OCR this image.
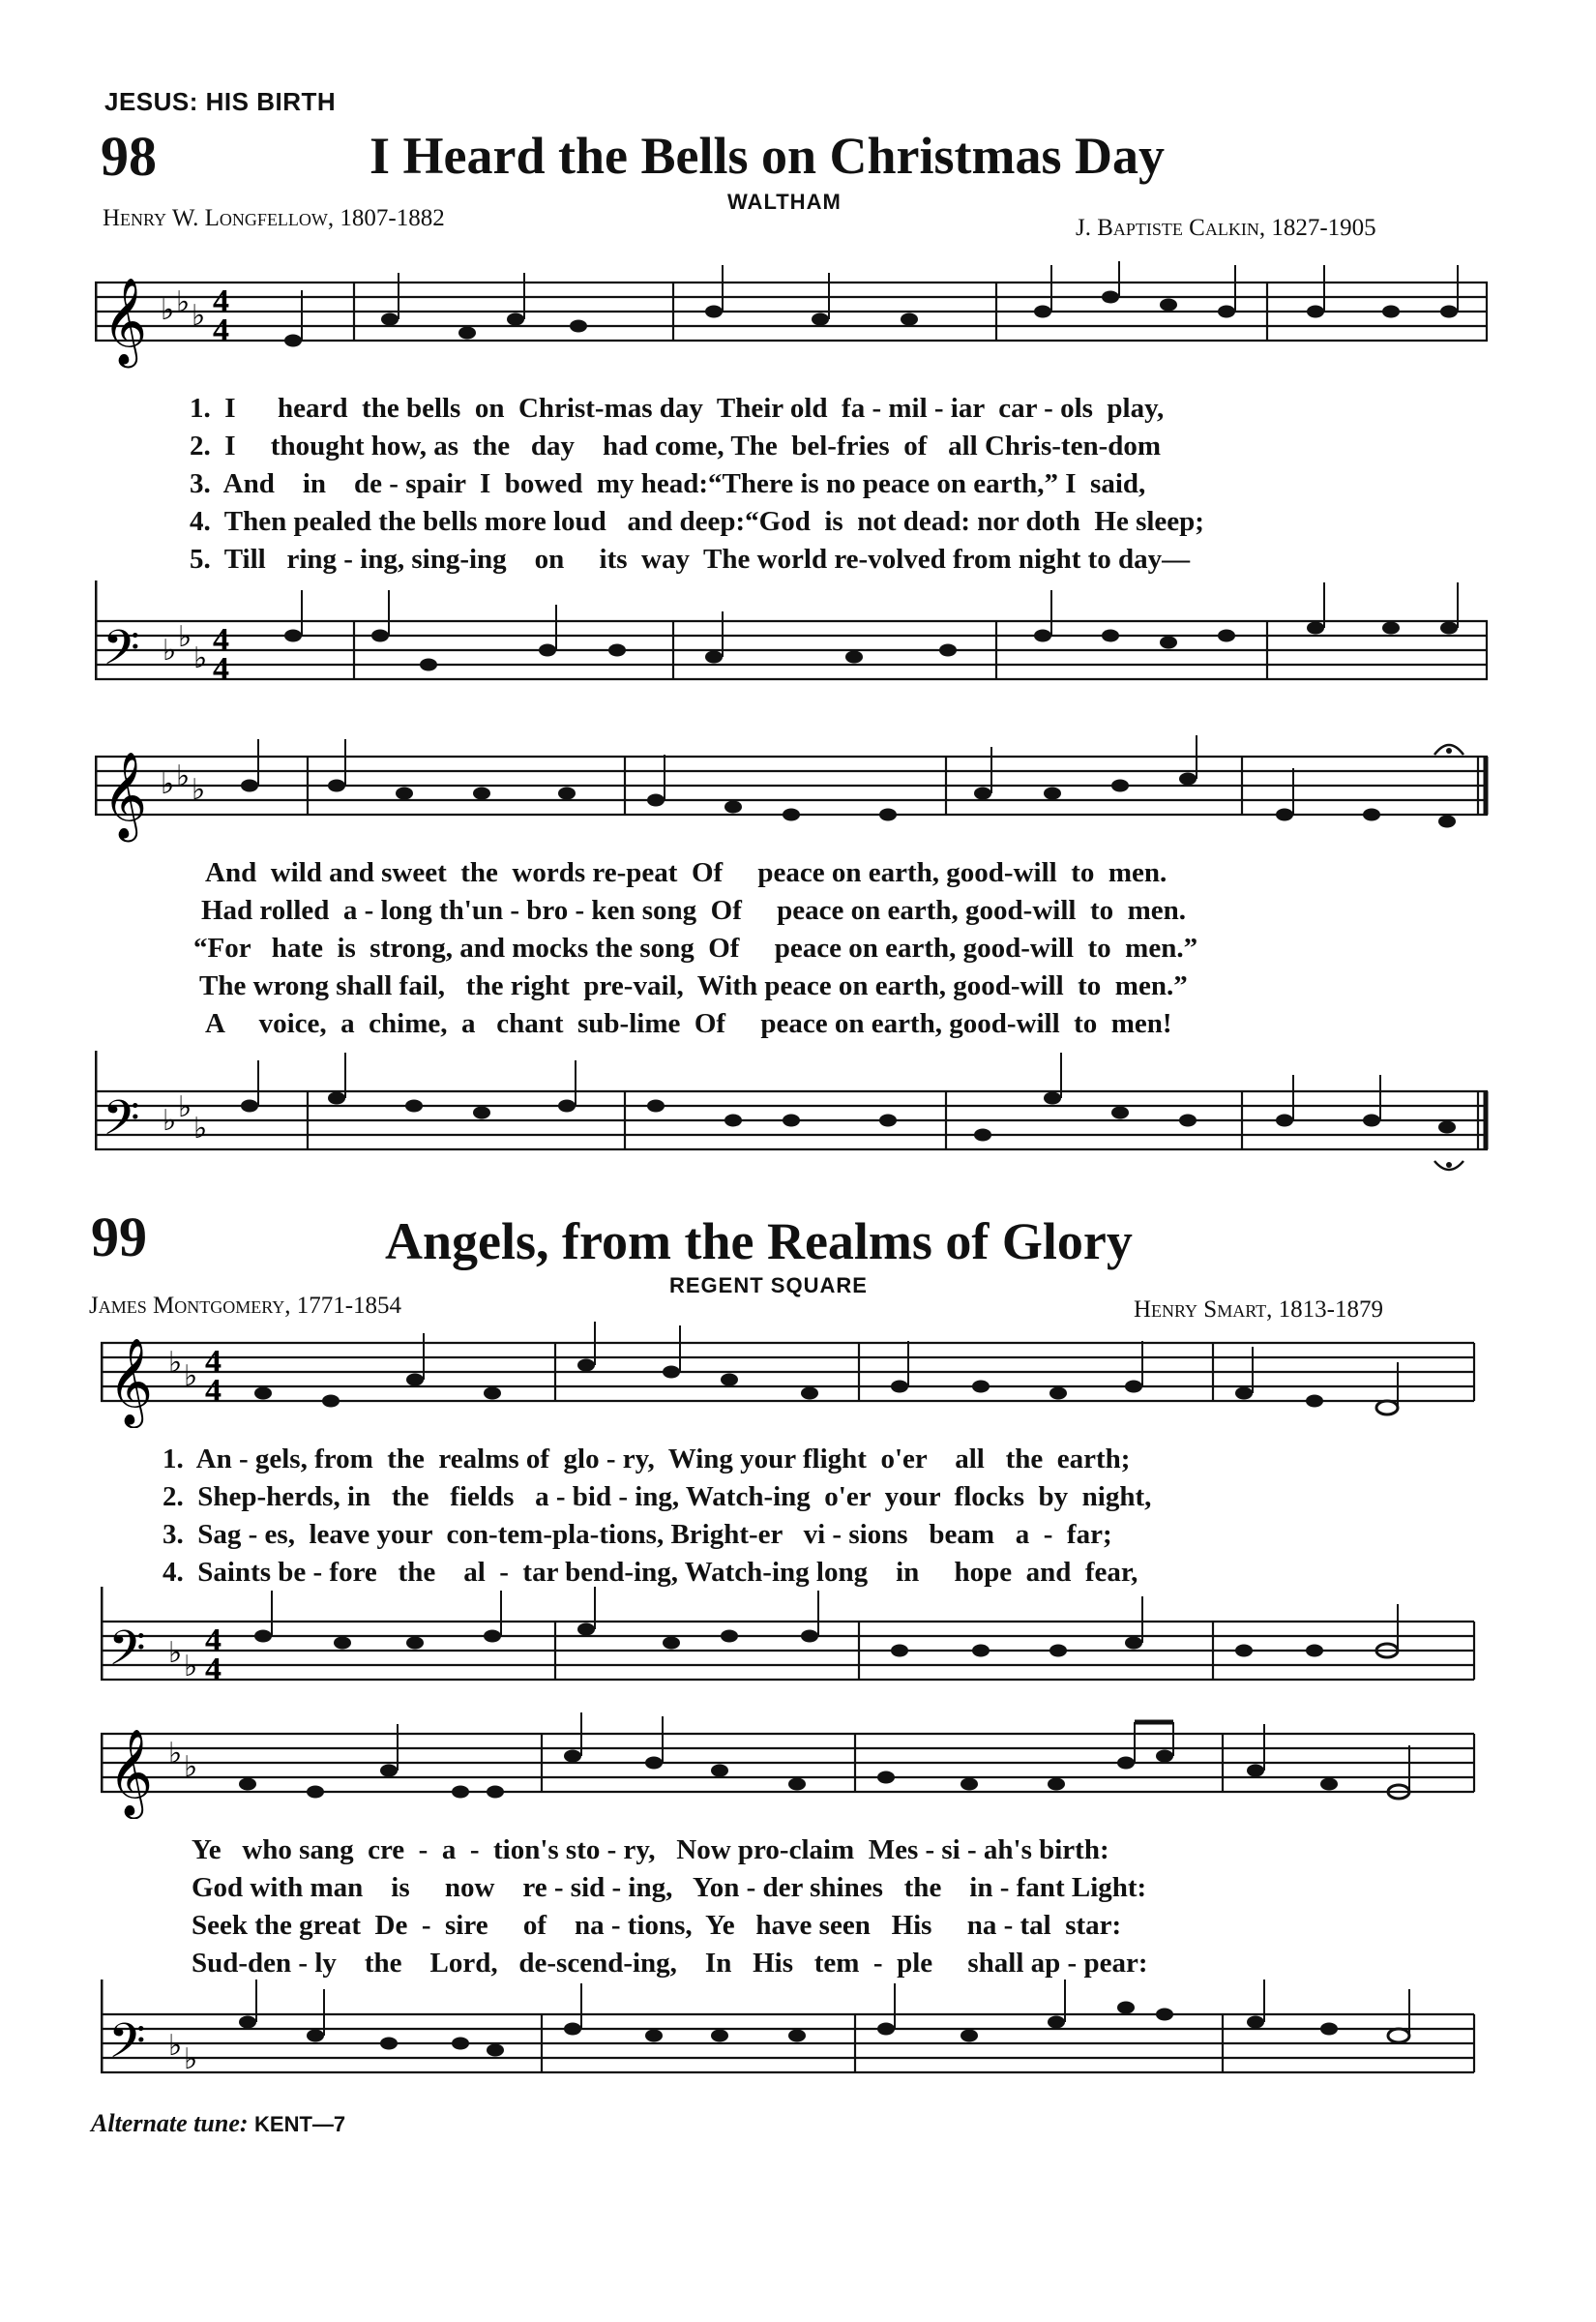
JESUS: HIS BIRTH
98	I Heard the Bells on Christmas Day
WALTHAM
Henry W. Longfellow, 1807-1882	J. Baptiste Calkin, 1827-1905
𝄞 ♭ ♭ ♭ 4
4
1.  I      heard  the bells  on  Christ-mas day  Their old  fa - mil - iar  car - ols  play,
2.  I     thought how, as  the   day    had come, The  bel-fries  of   all Chris-ten-dom
3.  And    in    de - spair  I  bowed  my head:“There is no peace on earth,” I  said,
4.  Then pealed the bells more loud   and deep:“God  is  not dead: nor doth  He sleep;
5.  Till   ring - ing, sing-ing    on     its  way  The world re-volved from night to day—
𝄢 ♭ ♭
♭
4
4
𝄞 ♭ ♭ ♭
And  wild and sweet  the  words re-peat  Of     peace on earth, good-will  to  men.
Had rolled  a - long th'un - bro - ken song  Of     peace on earth, good-will  to  men.
“For   hate  is  strong, and mocks the song  Of     peace on earth, good-will  to  men.”
The wrong shall fail,   the right  pre-vail,  With peace on earth, good-will  to  men.”
A     voice,  a  chime,  a   chant  sub-lime  Of     peace on earth, good-will  to  men!
𝄢 ♭ ♭
♭
99	Angels, from the Realms of Glory
REGENT SQUARE
James Montgomery, 1771-1854	Henry Smart, 1813-1879
𝄞 ♭ ♭ 4
4
1.  An - gels, from  the  realms of  glo - ry,  Wing your flight  o'er    all   the  earth;
2.  Shep-herds, in   the   fields   a - bid - ing, Watch-ing  o'er  your  flocks  by  night,
3.  Sag - es,  leave your  con-tem-pla-tions, Bright-er   vi - sions   beam   a  -  far;
4.  Saints be - fore   the    al  -  tar bend-ing, Watch-ing long    in     hope  and  fear,
𝄢 ♭ ♭
4
4
𝄞 ♭ ♭
Ye   who sang  cre  -  a  -  tion's sto - ry,   Now pro-claim  Mes - si - ah's birth:
God with man    is     now    re - sid - ing,   Yon - der shines   the    in - fant Light:
Seek the great  De  -  sire     of    na - tions,  Ye   have seen   His     na - tal  star:
Sud-den - ly    the    Lord,   de-scend-ing,    In   His   tem  -  ple     shall ap - pear:
𝄢 ♭ ♭
Alternate tune: KENT—7
